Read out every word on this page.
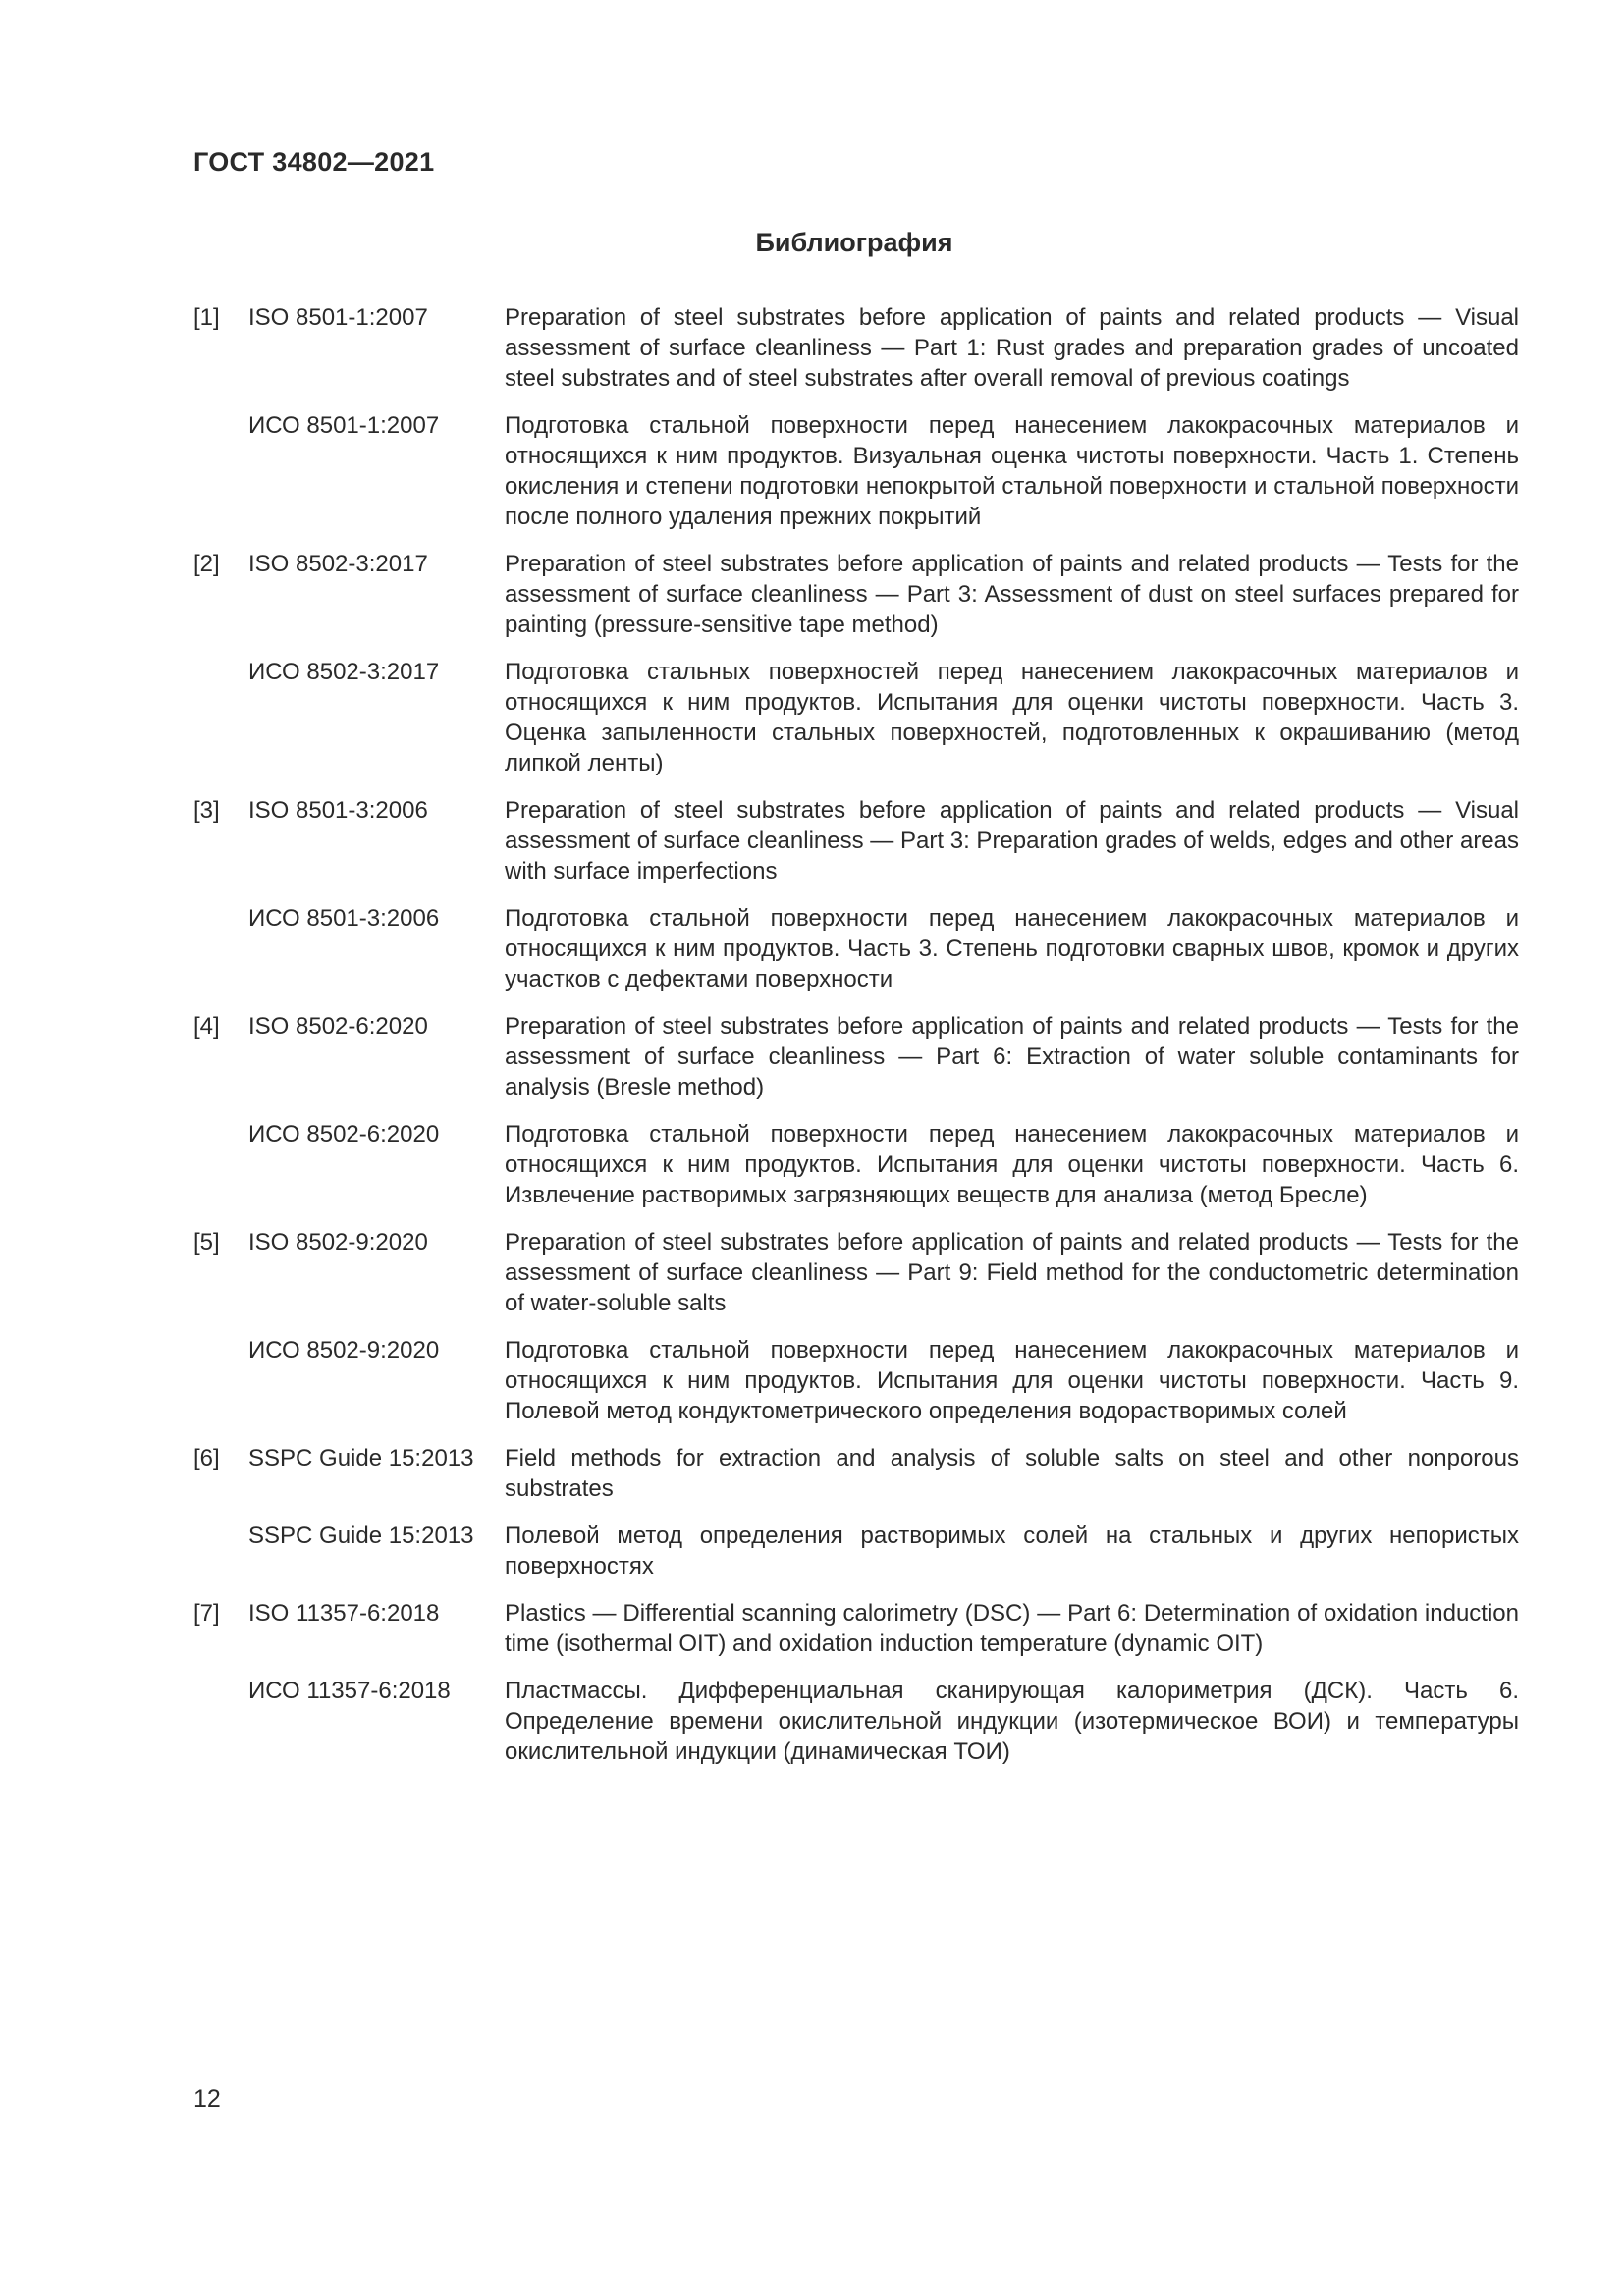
ГОСТ 34802—2021
Библиография
[1]	ISO 8501-1:2007	Preparation of steel substrates before application of paints and related products — Visual assessment of surface cleanliness — Part 1: Rust grades and preparation grades of uncoated steel substrates and of steel substrates after overall removal of previous coatings
ИСО 8501-1:2007	Подготовка стальной поверхности перед нанесением лакокрасочных материалов и относящихся к ним продуктов. Визуальная оценка чистоты поверхности. Часть 1. Степень окисления и степени подготовки непокрытой стальной поверхности и стальной поверхности после полного удаления прежних покрытий
[2]	ISO 8502-3:2017	Preparation of steel substrates before application of paints and related products — Tests for the assessment of surface cleanliness — Part 3: Assessment of dust on steel surfaces prepared for painting (pressure-sensitive tape method)
ИСО 8502-3:2017	Подготовка стальных поверхностей перед нанесением лакокрасочных материалов и относящихся к ним продуктов. Испытания для оценки чистоты поверхности. Часть 3. Оценка запыленности стальных поверхностей, подготовленных к окрашиванию (метод липкой ленты)
[3]	ISO 8501-3:2006	Preparation of steel substrates before application of paints and related products — Visual assessment of surface cleanliness — Part 3: Preparation grades of welds, edges and other areas with surface imperfections
ИСО 8501-3:2006	Подготовка стальной поверхности перед нанесением лакокрасочных материалов и относящихся к ним продуктов. Часть 3. Степень подготовки сварных швов, кромок и других участков с дефектами поверхности
[4]	ISO 8502-6:2020	Preparation of steel substrates before application of paints and related products — Tests for the assessment of surface cleanliness — Part 6: Extraction of water soluble contaminants for analysis (Bresle method)
ИСО 8502-6:2020	Подготовка стальной поверхности перед нанесением лакокрасочных материалов и относящихся к ним продуктов. Испытания для оценки чистоты поверхности. Часть 6. Извлечение растворимых загрязняющих веществ для анализа (метод Бресле)
[5]	ISO 8502-9:2020	Preparation of steel substrates before application of paints and related products — Tests for the assessment of surface cleanliness — Part 9: Field method for the conductometric determination of water-soluble salts
ИСО 8502-9:2020	Подготовка стальной поверхности перед нанесением лакокрасочных материалов и относящихся к ним продуктов. Испытания для оценки чистоты поверхности. Часть 9. Полевой метод кондуктометрического определения водорастворимых солей
[6]	SSPC Guide 15:2013	Field methods for extraction and analysis of soluble salts on steel and other nonporous substrates
SSPC Guide 15:2013	Полевой метод определения растворимых солей на стальных и других непористых поверхностях
[7]	ISO 11357-6:2018	Plastics — Differential scanning calorimetry (DSC) — Part 6: Determination of oxidation induction time (isothermal OIT) and oxidation induction temperature (dynamic OIT)
ИСО 11357-6:2018	Пластмассы. Дифференциальная сканирующая калориметрия (ДСК). Часть 6. Определение времени окислительной индукции (изотермическое ВОИ) и температуры окислительной индукции (динамическая ТОИ)
12
